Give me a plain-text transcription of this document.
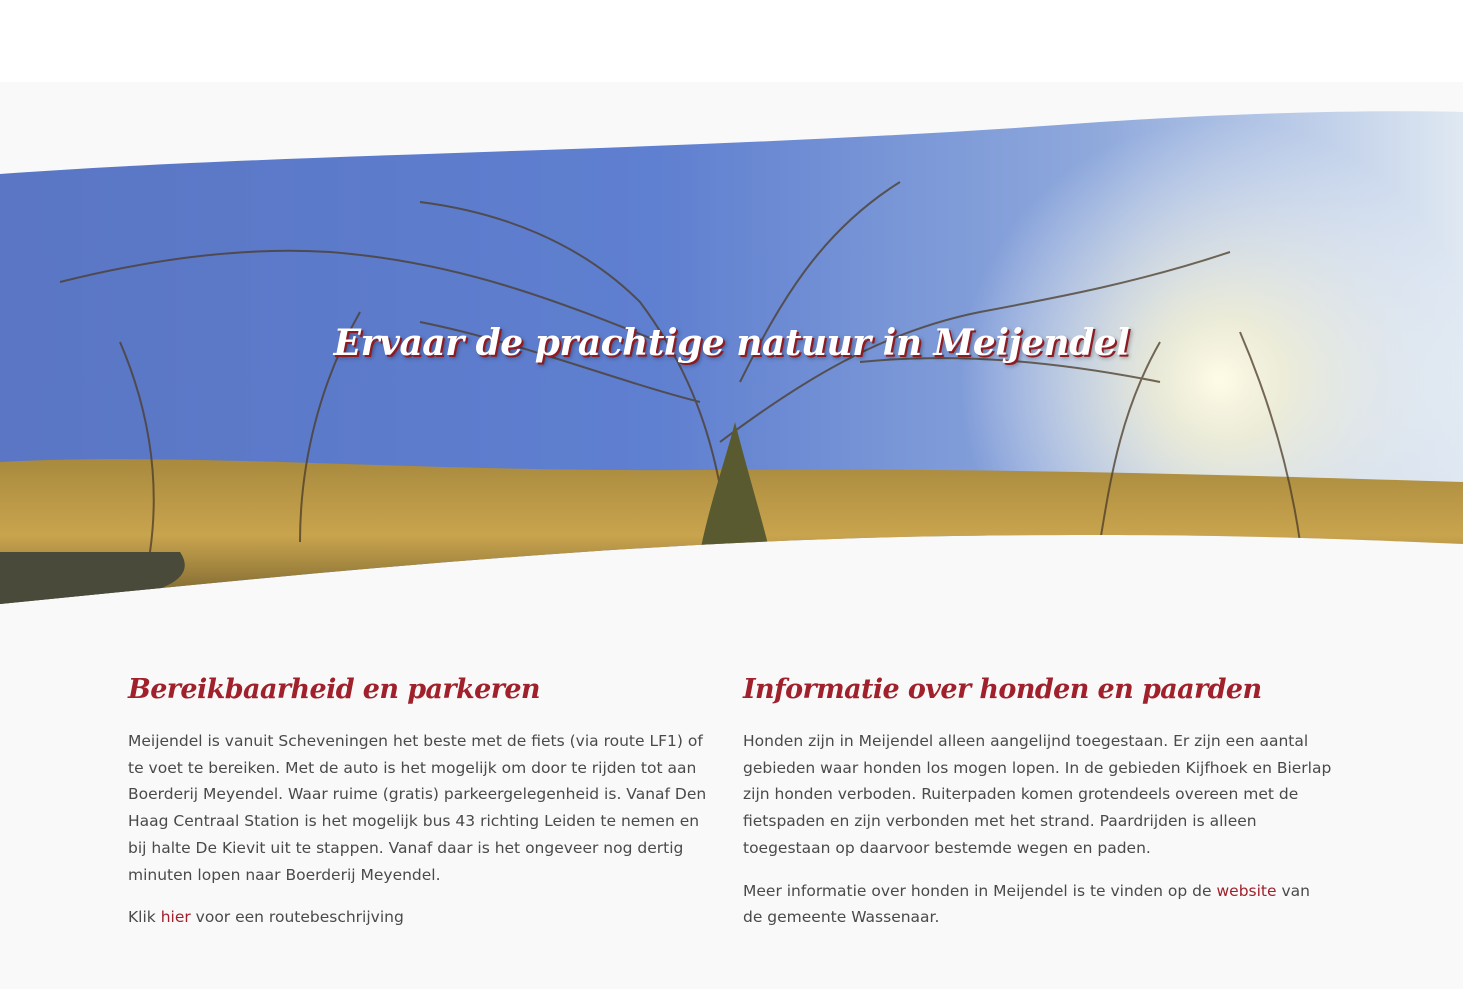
Ervaar de prachtige natuur in Meijendel
Bereikbaarheid en parkeren

Meijendel is vanuit Scheveningen het beste met de fiets (via route LF1) of te voet te bereiken. Met de auto is het mogelijk om door te rijden tot aan Boerderij Meyendel. Waar ruime (gratis) parkeergelegenheid is. Vanaf Den Haag Centraal Station is het mogelijk bus 43 richting Leiden te nemen en bij halte De Kievit uit te stappen. Vanaf daar is het ongeveer nog dertig minuten lopen naar Boerderij Meyendel.

Klik hier voor een routebeschrijving

Informatie over honden en paarden

Honden zijn in Meijendel alleen aangelijnd toegestaan. Er zijn een aantal gebieden waar honden los mogen lopen. In de gebieden Kijfhoek en Bierlap zijn honden verboden. Ruiterpaden komen grotendeels overeen met de fietspaden en zijn verbonden met het strand. Paardrijden is alleen toegestaan op daarvoor bestemde wegen en paden.

Meer informatie over honden in Meijendel is te vinden op de website van de gemeente Wassenaar.
